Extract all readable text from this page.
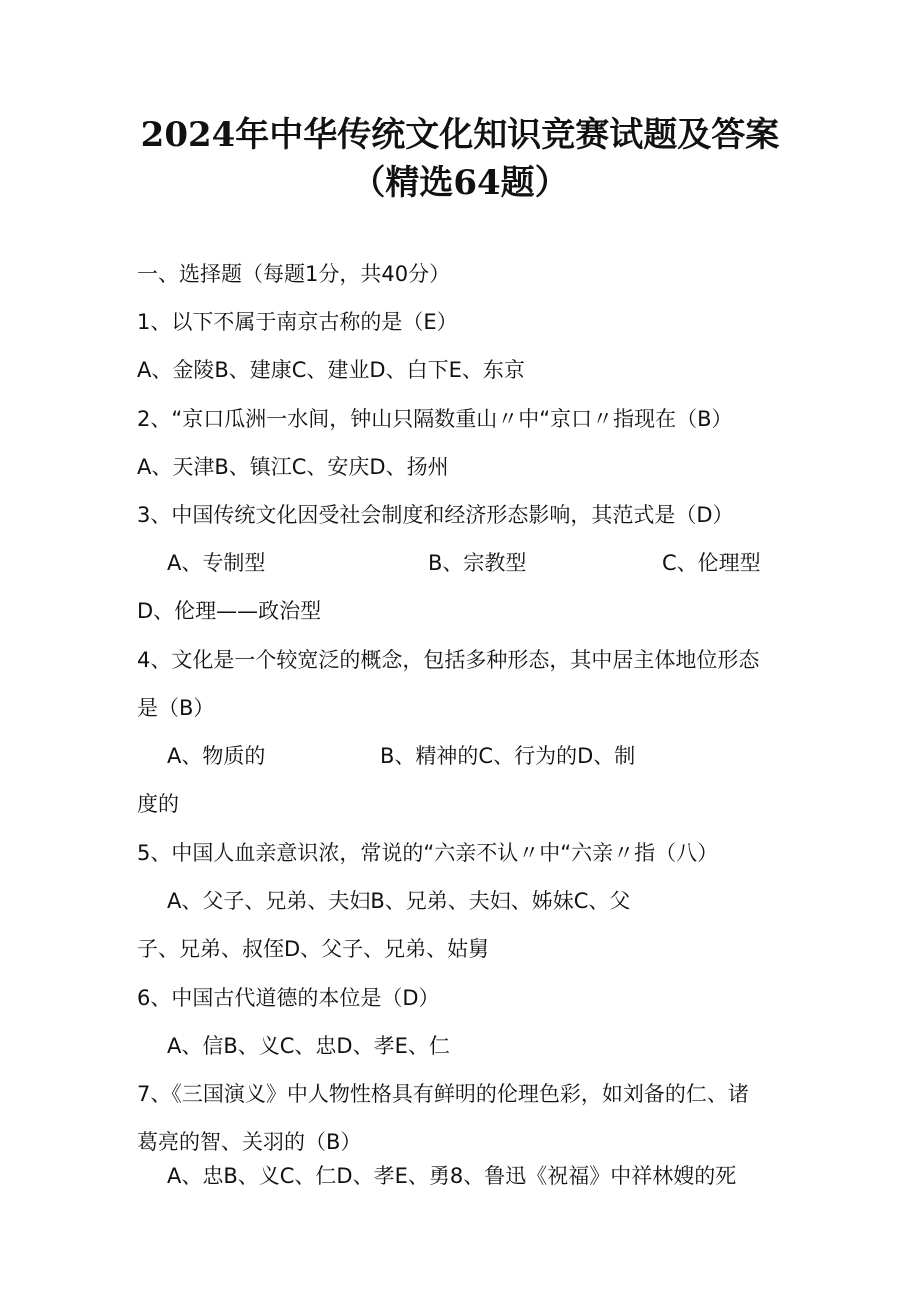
2024年中华传统文化知识竞赛试题及答案
（精选64题）
一、选择题（每题1分，共40分）
1、以下不属于南京古称的是（E）
A、金陵B、建康C、建业D、白下E、东京
2、“京口瓜洲一水间，钟山只隔数重山〃中“京口〃指现在（B）
A、天津B、镇江C、安庆D、扬州
3、中国传统文化因受社会制度和经济形态影响，其范式是（D）
A、专制型	B、宗教型	C、伦理型
D、伦理——政治型
4、文化是一个较宽泛的概念，包括多种形态，其中居主体地位形态
是（B）
A、物质的	B、精神的C、行为的D、制
度的
5、中国人血亲意识浓，常说的“六亲不认〃中“六亲〃指（八）
A、父子、兄弟、夫妇B、兄弟、夫妇、姊妹C、父
子、兄弟、叔侄D、父子、兄弟、姑舅
6、中国古代道德的本位是（D）
A、信B、义C、忠D、孝E、仁
7、《三国演义》中人物性格具有鲜明的伦理色彩，如刘备的仁、诸
葛亮的智、关羽的（B）
A、忠B、义C、仁D、孝E、勇8、鲁迅《祝福》中祥林嫂的死
